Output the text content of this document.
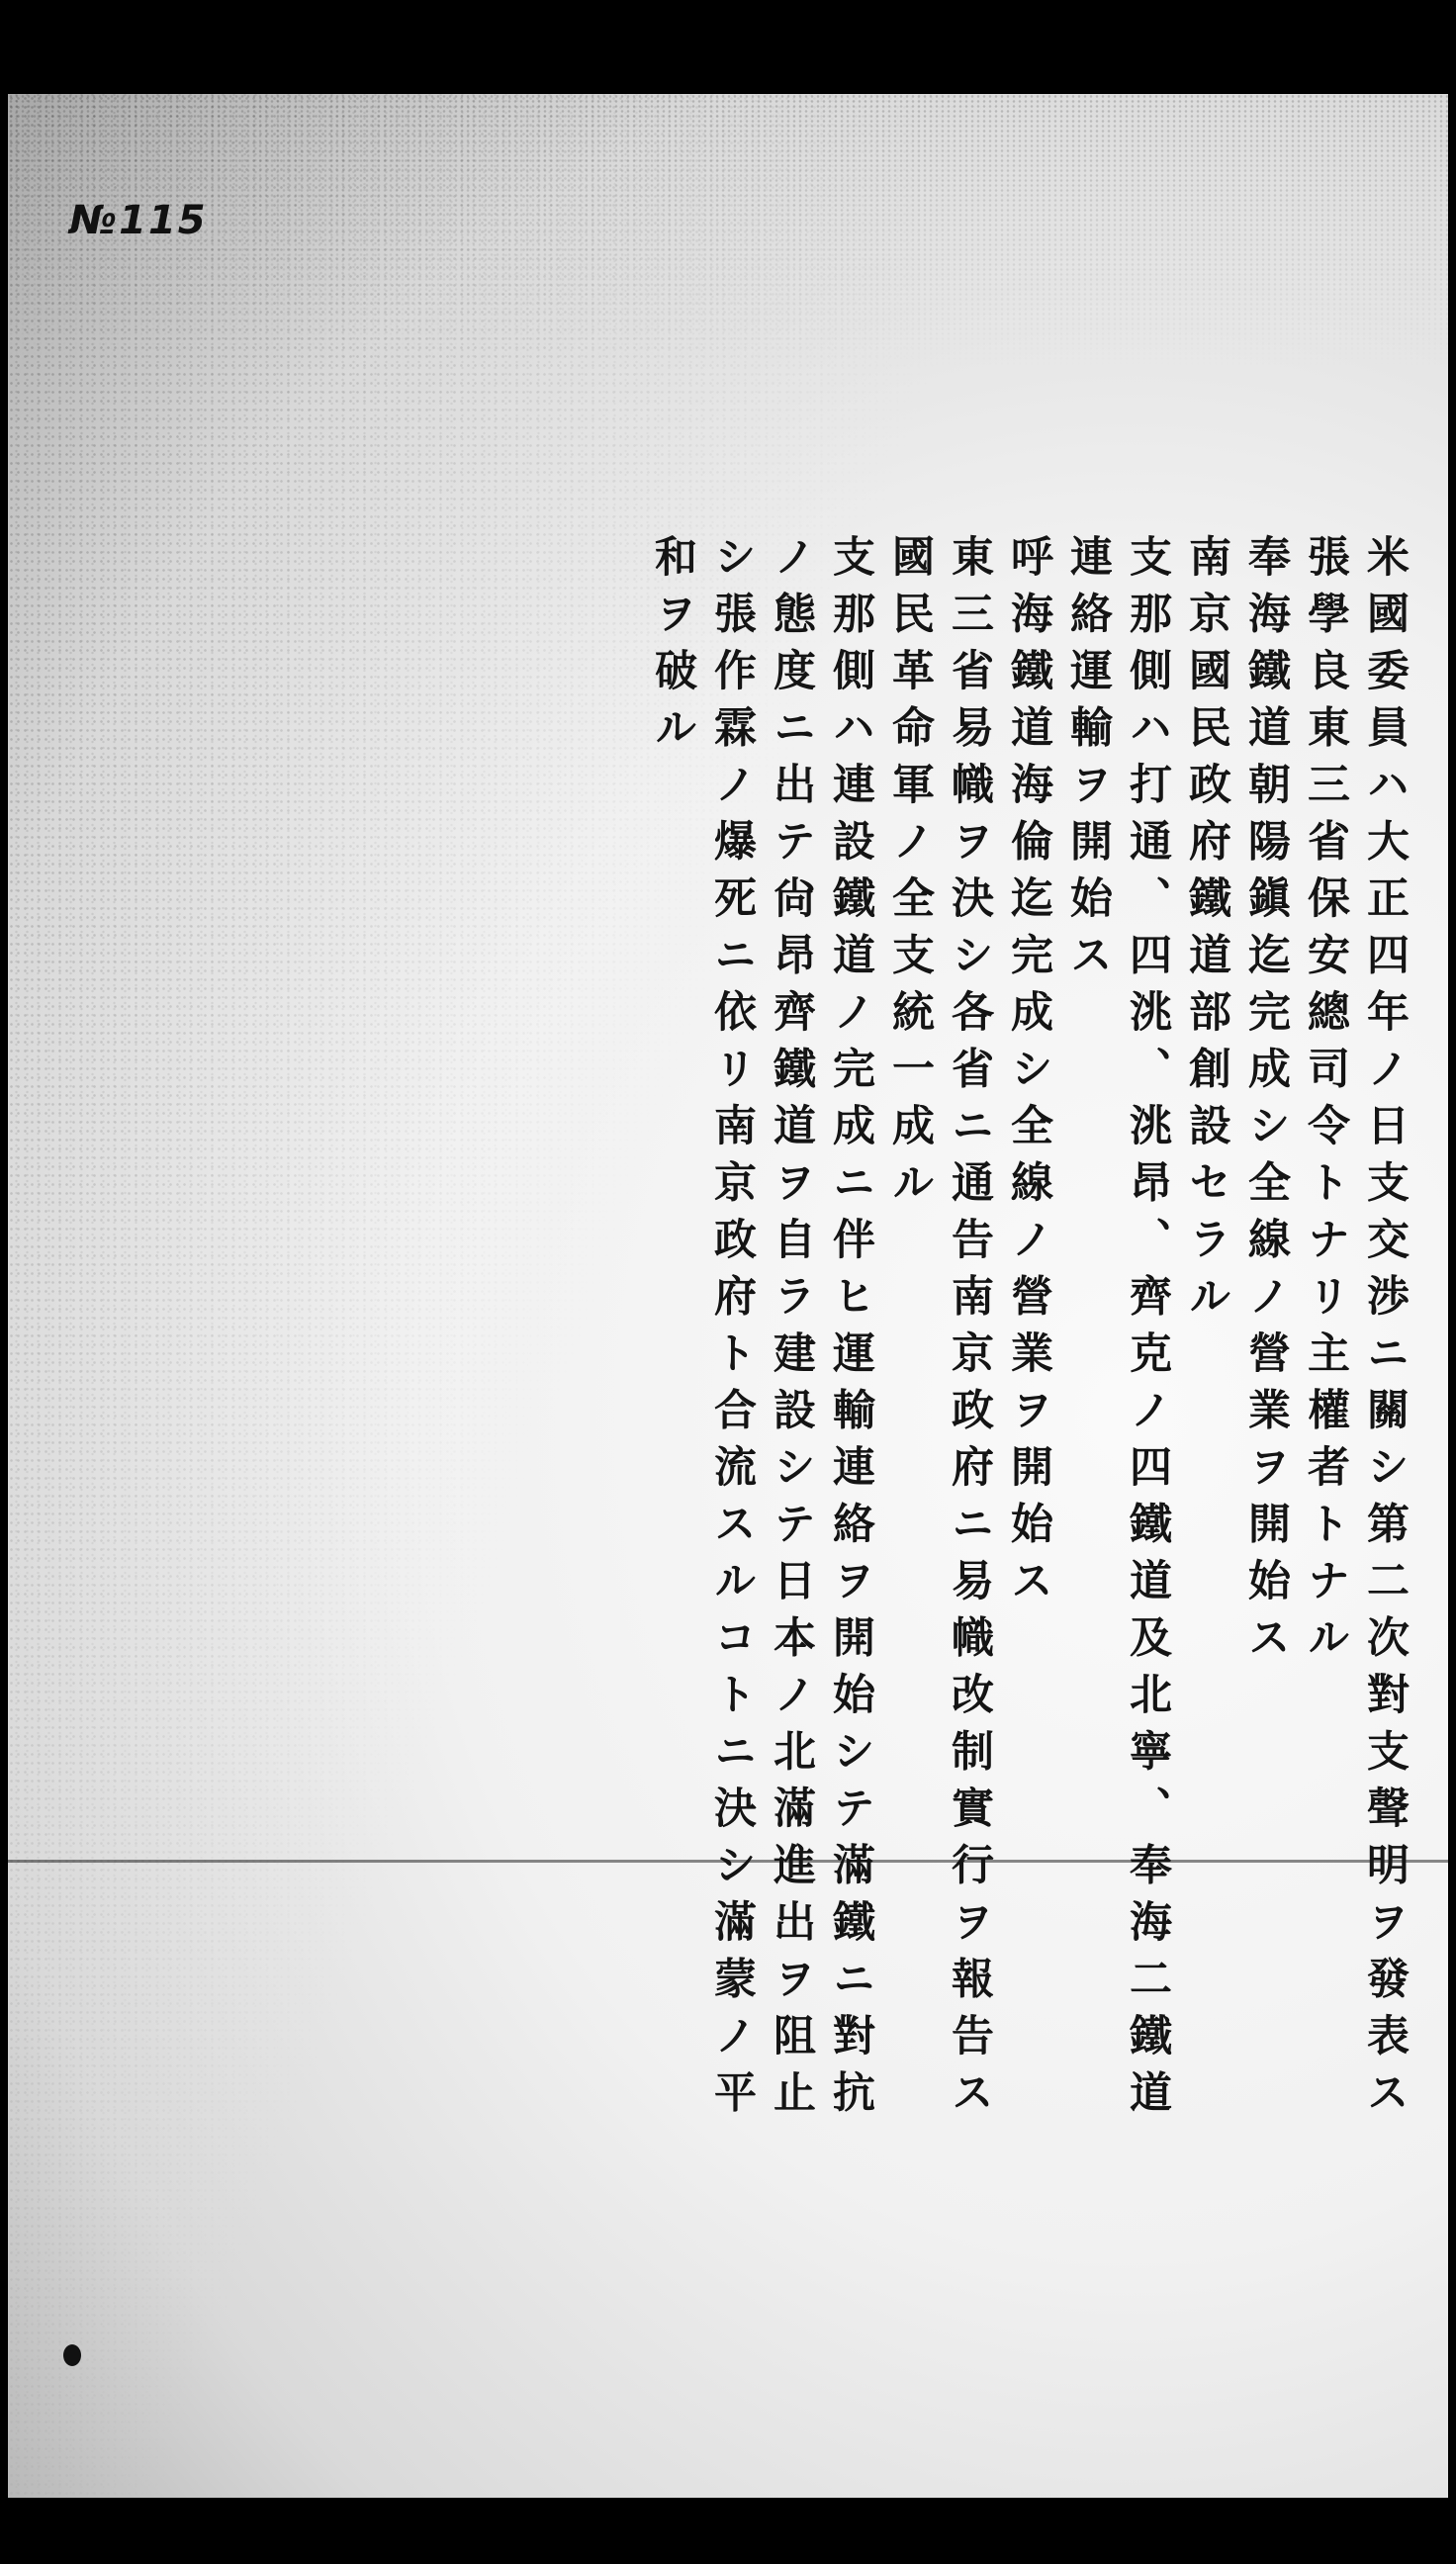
№115
米國委員ハ大正四年ノ日支交渉ニ關シ第二次對支聲明ヲ發表ス
張學良東三省保安總司令トナリ主權者トナル
奉海鐵道朝陽鎭迄完成シ全線ノ營業ヲ開始ス
南京國民政府鐵道部創設セラル
支那側ハ打通、四洮、洮昂、齊克ノ四鐵道及北寧、奉海二鐵道
連絡運輸ヲ開始ス
呼海鐵道海倫迄完成シ全線ノ營業ヲ開始ス
東三省易幟ヲ決シ各省ニ通告南京政府ニ易幟改制實行ヲ報告ス
國民革命軍ノ全支統一成ル
支那側ハ連設鐵道ノ完成ニ伴ヒ運輸連絡ヲ開始シテ滿鐵ニ對抗
ノ態度ニ出テ尙昂齊鐵道ヲ自ラ建設シテ日本ノ北滿進出ヲ阻止
シ張作霖ノ爆死ニ依リ南京政府ト合流スルコトニ決シ滿蒙ノ平
和ヲ破ル
